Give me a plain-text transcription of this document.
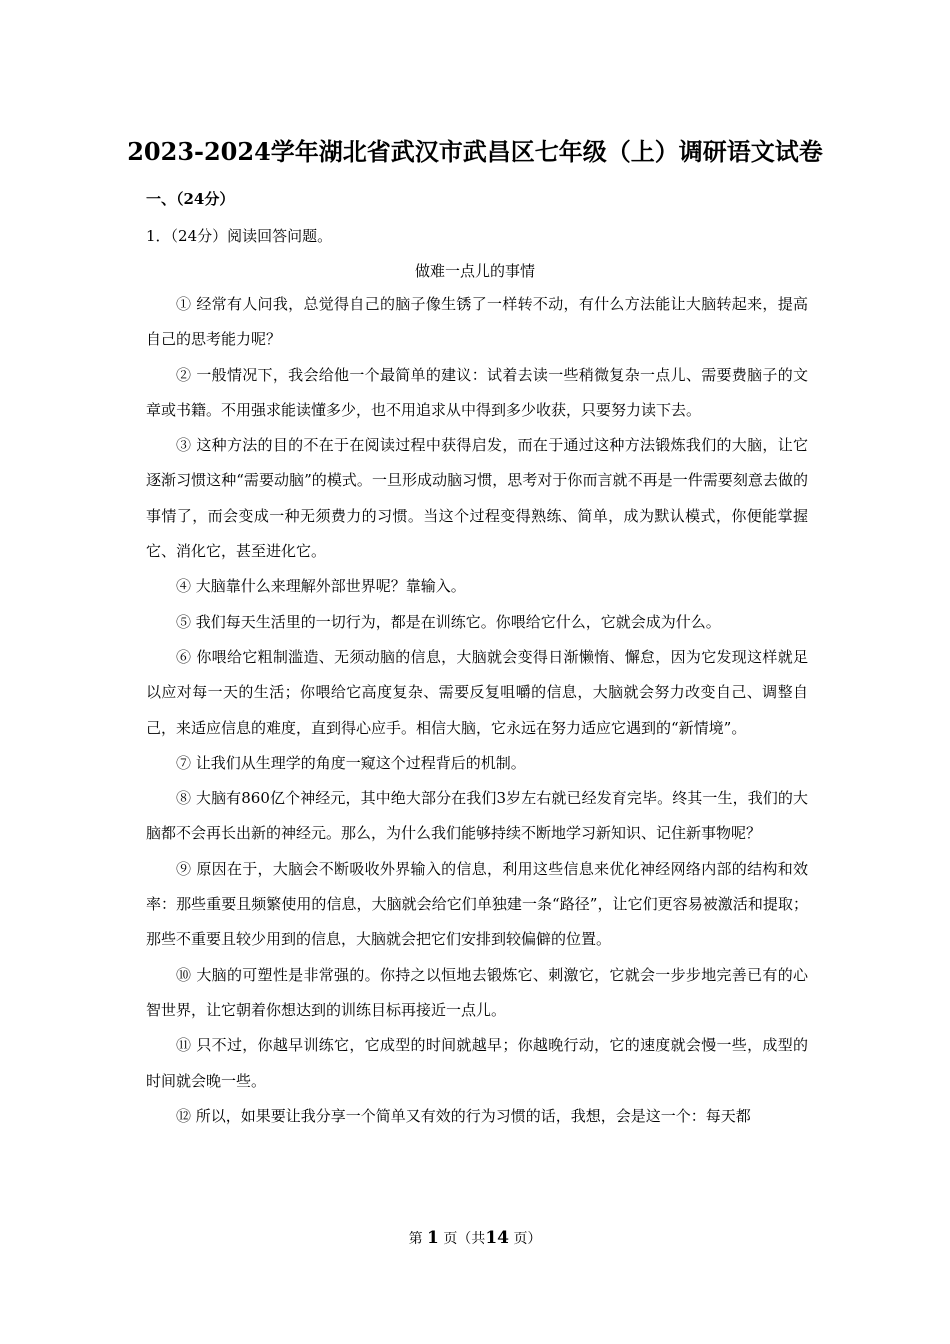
2023-2024学年湖北省武汉市武昌区七年级（上）调研语文试卷
一、（24分）
1．（24分）阅读回答问题。
做难一点儿的事情

① 经常有人问我，总觉得自己的脑子像生锈了一样转不动，有什么方法能让大脑转起来，提高自己的思考能力呢？

② 一般情况下，我会给他一个最简单的建议：试着去读一些稍微复杂一点儿、需要费脑子的文章或书籍。不用强求能读懂多少，也不用追求从中得到多少收获，只要努力读下去。

③ 这种方法的目的不在于在阅读过程中获得启发，而在于通过这种方法锻炼我们的大脑，让它逐渐习惯这种“需要动脑”的模式。一旦形成动脑习惯，思考对于你而言就不再是一件需要刻意去做的事情了，而会变成一种无须费力的习惯。当这个过程变得熟练、简单，成为默认模式，你便能掌握它、消化它，甚至进化它。

④ 大脑靠什么来理解外部世界呢？靠输入。

⑤ 我们每天生活里的一切行为，都是在训练它。你喂给它什么，它就会成为什么。

⑥ 你喂给它粗制滥造、无须动脑的信息，大脑就会变得日渐懒惰、懈怠，因为它发现这样就足以应对每一天的生活；你喂给它高度复杂、需要反复咀嚼的信息，大脑就会努力改变自己、调整自己，来适应信息的难度，直到得心应手。相信大脑，它永远在努力适应它遇到的“新情境”。

⑦ 让我们从生理学的角度一窥这个过程背后的机制。

⑧ 大脑有860亿个神经元，其中绝大部分在我们3岁左右就已经发育完毕。终其一生，我们的大脑都不会再长出新的神经元。那么，为什么我们能够持续不断地学习新知识、记住新事物呢？

⑨ 原因在于，大脑会不断吸收外界输入的信息，利用这些信息来优化神经网络内部的结构和效率：那些重要且频繁使用的信息，大脑就会给它们单独建一条“路径”，让它们更容易被激活和提取；那些不重要且较少用到的信息，大脑就会把它们安排到较偏僻的位置。

⑩ 大脑的可塑性是非常强的。你持之以恒地去锻炼它、刺激它，它就会一步步地完善已有的心智世界，让它朝着你想达到的训练目标再接近一点儿。

⑪ 只不过，你越早训练它，它成型的时间就越早；你越晚行动，它的速度就会慢一些，成型的时间就会晚一些。

⑫ 所以，如果要让我分享一个简单又有效的行为习惯的话，我想，会是这一个：每天都

第 1 页（共14 页）
